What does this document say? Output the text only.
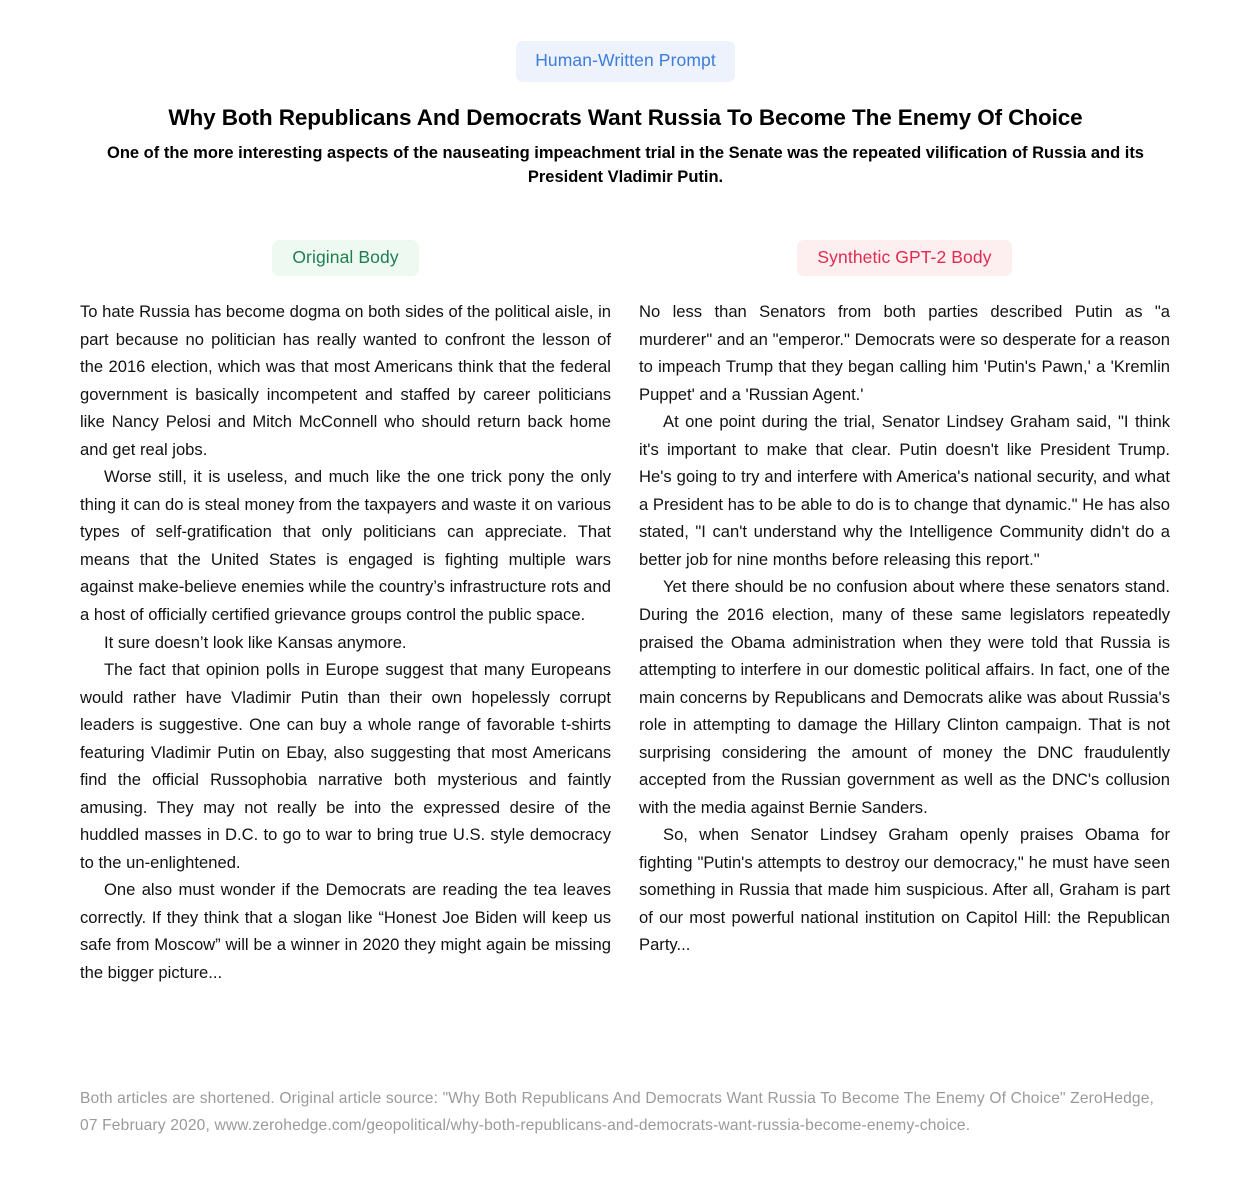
Human-Written Prompt
Why Both Republicans And Democrats Want Russia To Become The Enemy Of Choice

One of the more interesting aspects of the nauseating impeachment trial in the Senate was the repeated vilification of Russia and its President Vladimir Putin.

Original Body	Synthetic GPT-2 Body

To hate Russia has become dogma on both sides of the political aisle, in part because no politician has really wanted to confront the lesson of the 2016 election, which was that most Americans think that the federal government is basically incompetent and staffed by career politicians like Nancy Pelosi and Mitch McConnell who should return back home and get real jobs.

Worse still, it is useless, and much like the one trick pony the only thing it can do is steal money from the taxpayers and waste it on various types of self-gratification that only politicians can appreciate. That means that the United States is engaged is fighting multiple wars against make-believe enemies while the country’s infrastructure rots and a host of officially certified grievance groups control the public space.

It sure doesn’t look like Kansas anymore.

The fact that opinion polls in Europe suggest that many Europeans would rather have Vladimir Putin than their own hopelessly corrupt leaders is suggestive. One can buy a whole range of favorable t-shirts featuring Vladimir Putin on Ebay, also suggesting that most Americans find the official Russophobia narrative both mysterious and faintly amusing. They may not really be into the expressed desire of the huddled masses in D.C. to go to war to bring true U.S. style democracy to the un-enlightened.

One also must wonder if the Democrats are reading the tea leaves correctly. If they think that a slogan like “Honest Joe Biden will keep us safe from Moscow” will be a winner in 2020 they might again be missing the bigger picture...

No less than Senators from both parties described Putin as "a murderer" and an "emperor." Democrats were so desperate for a reason to impeach Trump that they began calling him 'Putin's Pawn,' a 'Kremlin Puppet' and a 'Russian Agent.'

At one point during the trial, Senator Lindsey Graham said, "I think it's important to make that clear. Putin doesn't like President Trump. He's going to try and interfere with America's national security, and what a President has to be able to do is to change that dynamic." He has also stated, "I can't understand why the Intelligence Community didn't do a better job for nine months before releasing this report."

Yet there should be no confusion about where these senators stand. During the 2016 election, many of these same legislators repeatedly praised the Obama administration when they were told that Russia is attempting to interfere in our domestic political affairs. In fact, one of the main concerns by Republicans and Democrats alike was about Russia's role in attempting to damage the Hillary Clinton campaign. That is not surprising considering the amount of money the DNC fraudulently accepted from the Russian government as well as the DNC's collusion with the media against Bernie Sanders.

So, when Senator Lindsey Graham openly praises Obama for fighting "Putin's attempts to destroy our democracy," he must have seen something in Russia that made him suspicious. After all, Graham is part of our most powerful national institution on Capitol Hill: the Republican Party...

Both articles are shortened. Original article source: "Why Both Republicans And Democrats Want Russia To Become The Enemy Of Choice" ZeroHedge, 07 February 2020, www.zerohedge.com/geopolitical/why-both-republicans-and-democrats-want-russia-become-enemy-choice.
